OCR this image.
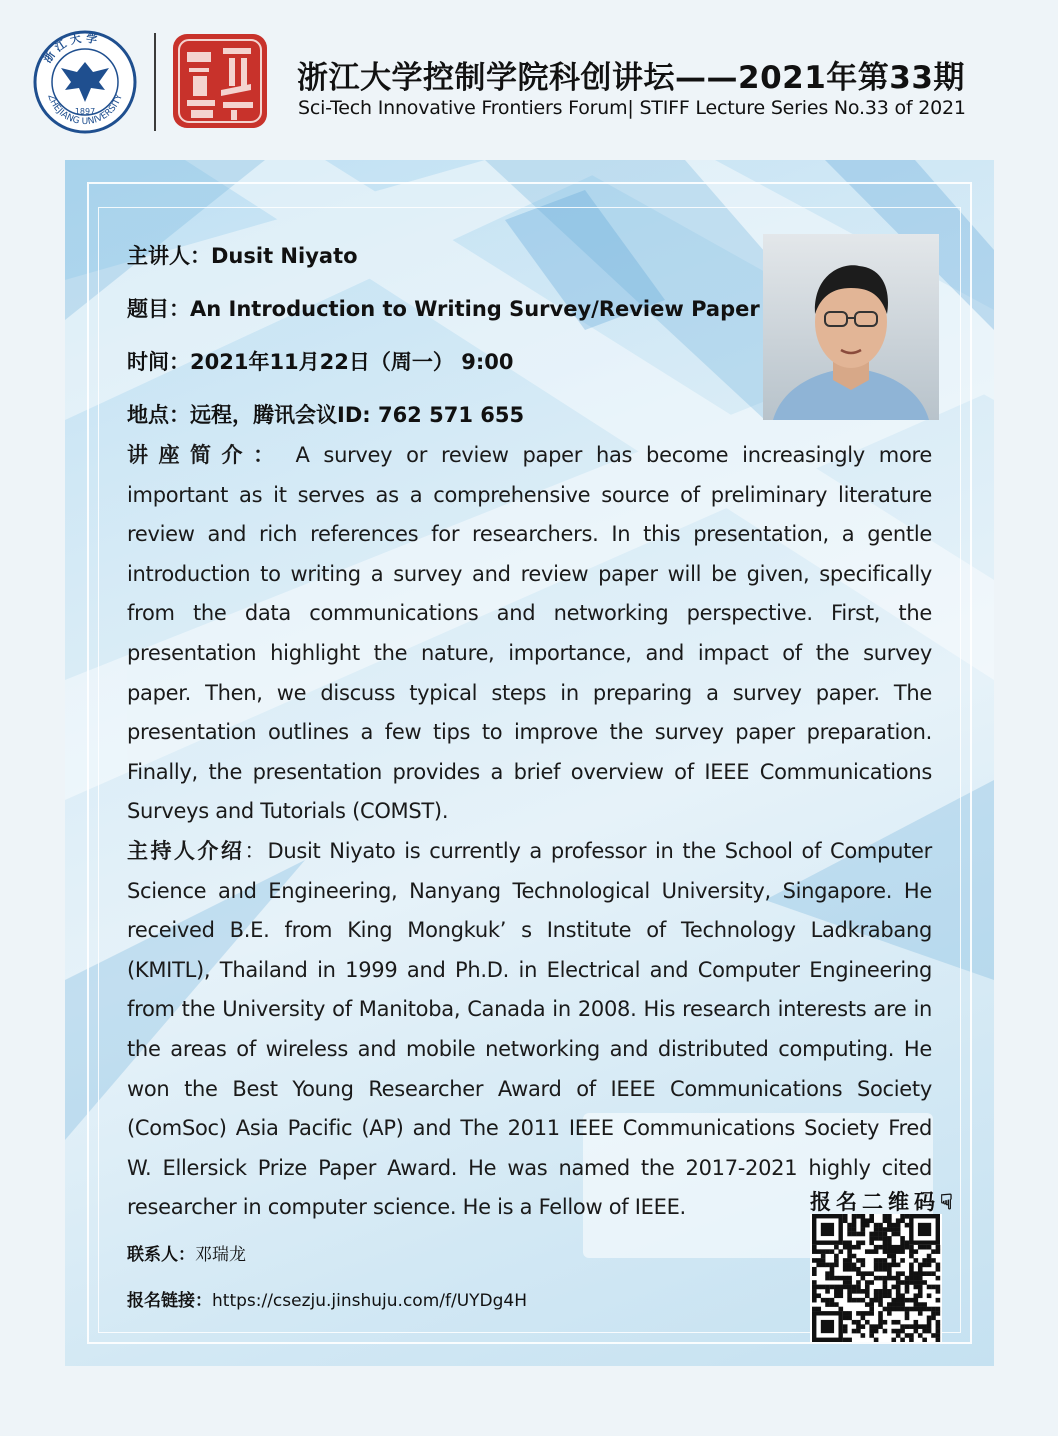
浙 江 大 学
ZHEJIANG UNIVERSITY
1897
浙江大学控制学院科创讲坛——2021年第33期
Sci-Tech Innovative Frontiers Forum| STIFF Lecture Series No.33 of 2021
主讲人：Dusit Niyato
题目：An Introduction to Writing Survey/Review Paper
时间：2021年11月22日（周一） 9:00
地点：远程，腾讯会议ID: 762 571 655
讲座简介： A survey or review paper has become increasingly more important as it serves as a comprehensive source of preliminary literature review and rich references for researchers. In this presentation, a gentle introduction to writing a survey and review paper will be given, specifically from the data communications and networking perspective. First, the presentation highlight the nature, importance, and impact of the survey paper. Then, we discuss typical steps in preparing a survey paper. The presentation outlines a few tips to improve the survey paper preparation. Finally, the presentation provides a brief overview of IEEE Communications Surveys and Tutorials (COMST).
主持人介绍：Dusit Niyato is currently a professor in the School of Computer Science and Engineering, Nanyang Technological University, Singapore. He received B.E. from King Mongkuk’ s Institute of Technology Ladkrabang (KMITL), Thailand in 1999 and Ph.D. in Electrical and Computer Engineering from the University of Manitoba, Canada in 2008. His research interests are in the areas of wireless and mobile networking and distributed computing. He won the Best Young Researcher Award of IEEE Communications Society (ComSoc) Asia Pacific (AP) and The 2011 IEEE Communications Society Fred W. Ellersick Prize Paper Award. He was named the 2017-2021 highly cited researcher in computer science. He is a Fellow of IEEE.
联系人：邓瑞龙
报名链接：https://csezju.jinshuju.com/f/UYDg4H
报名二维码☟
